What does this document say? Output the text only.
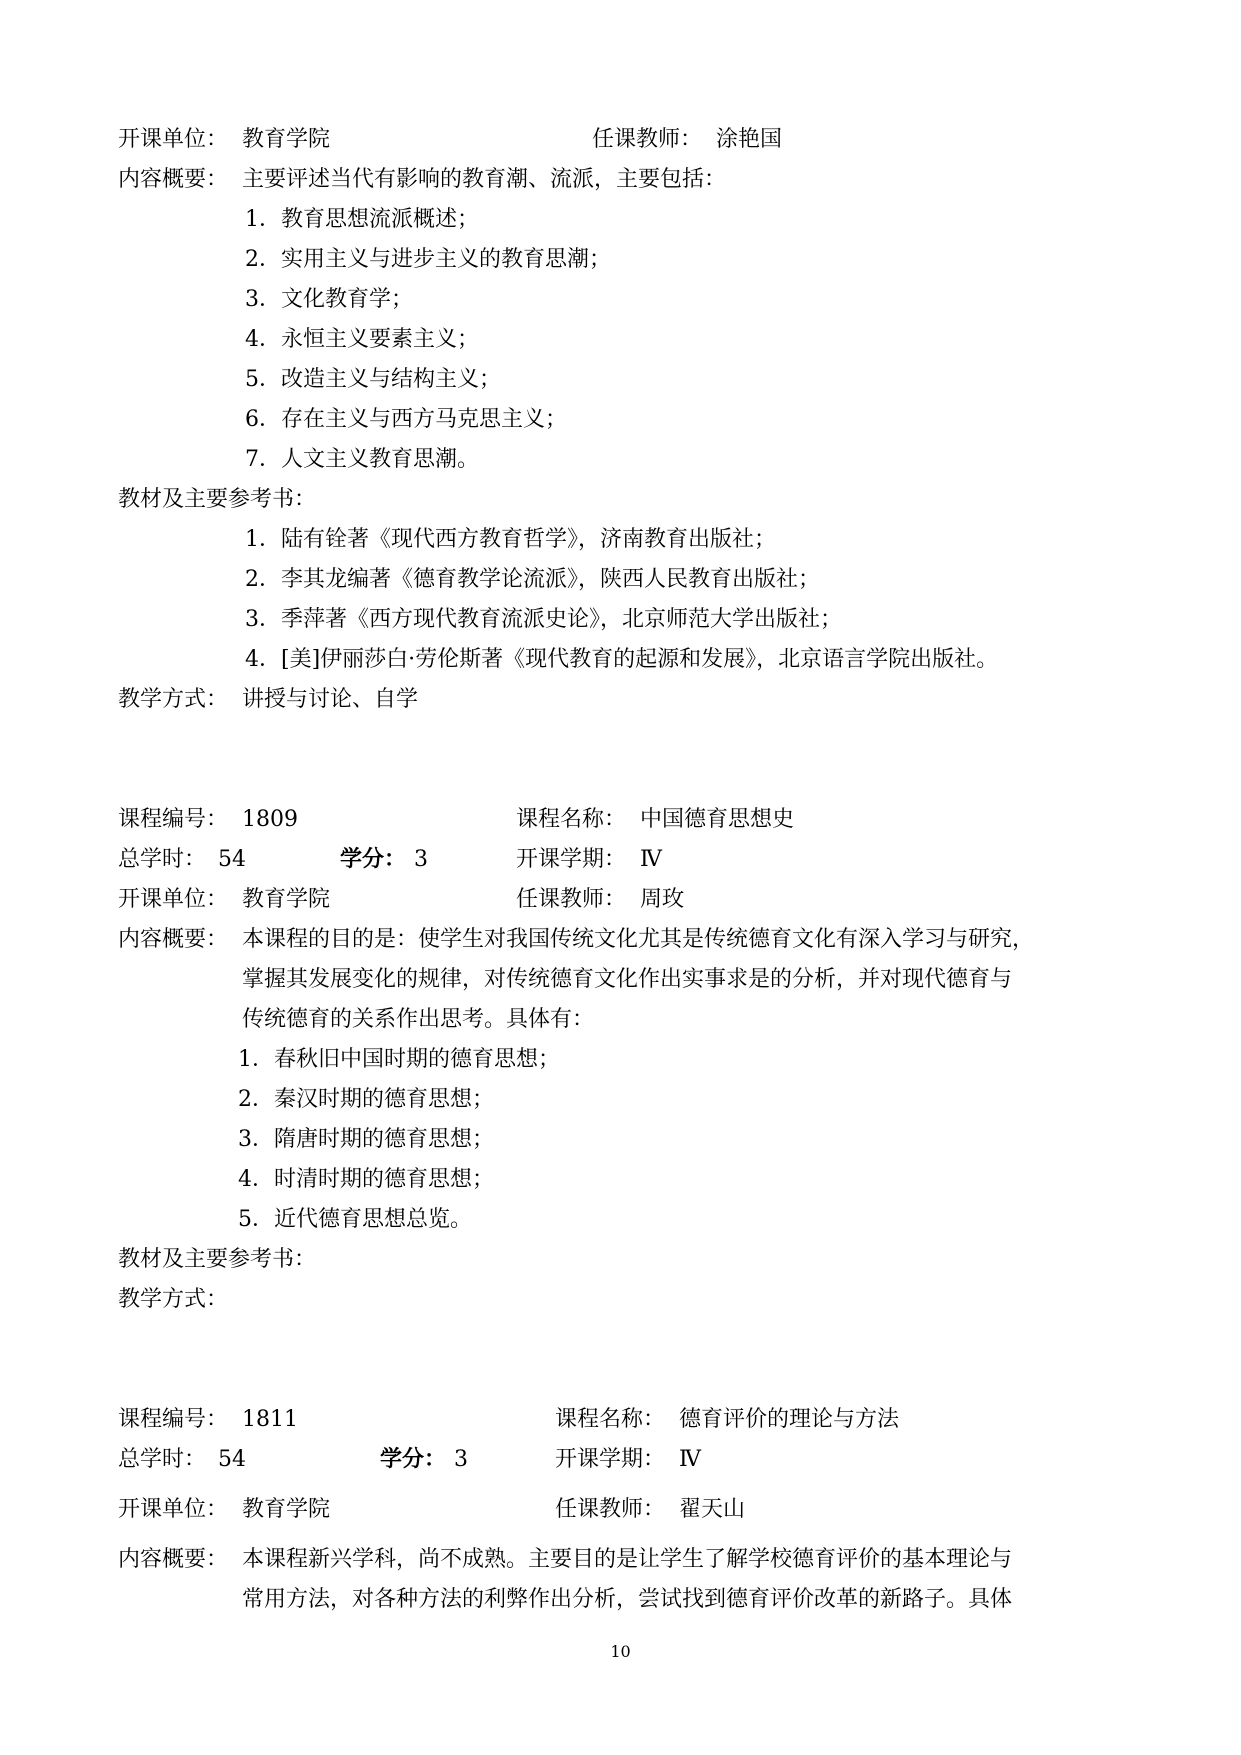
开课单位： 教育学院	任课教师： 涂艳国
内容概要： 主要评述当代有影响的教育潮、流派，主要包括：
1．教育思想流派概述；
2．实用主义与进步主义的教育思潮；
3．文化教育学；
4．永恒主义要素主义；
5．改造主义与结构主义；
6．存在主义与西方马克思主义；
7．人文主义教育思潮。
教材及主要参考书：
1．陆有铨著《现代西方教育哲学》，济南教育出版社；
2．李其龙编著《德育教学论流派》，陕西人民教育出版社；
3．季萍著《西方现代教育流派史论》，北京师范大学出版社；
4．[美]伊丽莎白·劳伦斯著《现代教育的起源和发展》，北京语言学院出版社。
教学方式： 讲授与讨论、自学
课程编号： 1809	课程名称： 中国德育思想史
总学时： 54	学分： 3	开课学期： Ⅳ
开课单位： 教育学院	任课教师： 周玫
内容概要： 本课程的目的是：使学生对我国传统文化尤其是传统德育文化有深入学习与研究，
掌握其发展变化的规律，对传统德育文化作出实事求是的分析，并对现代德育与
传统德育的关系作出思考。具体有：
1．春秋旧中国时期的德育思想；
2．秦汉时期的德育思想；
3．隋唐时期的德育思想；
4．时清时期的德育思想；
5．近代德育思想总览。
教材及主要参考书：
教学方式：
课程编号： 1811	课程名称： 德育评价的理论与方法
总学时： 54	学分： 3	开课学期： Ⅳ
开课单位： 教育学院	任课教师： 翟天山
内容概要： 本课程新兴学科，尚不成熟。主要目的是让学生了解学校德育评价的基本理论与
常用方法，对各种方法的利弊作出分析，尝试找到德育评价改革的新路子。具体
10
